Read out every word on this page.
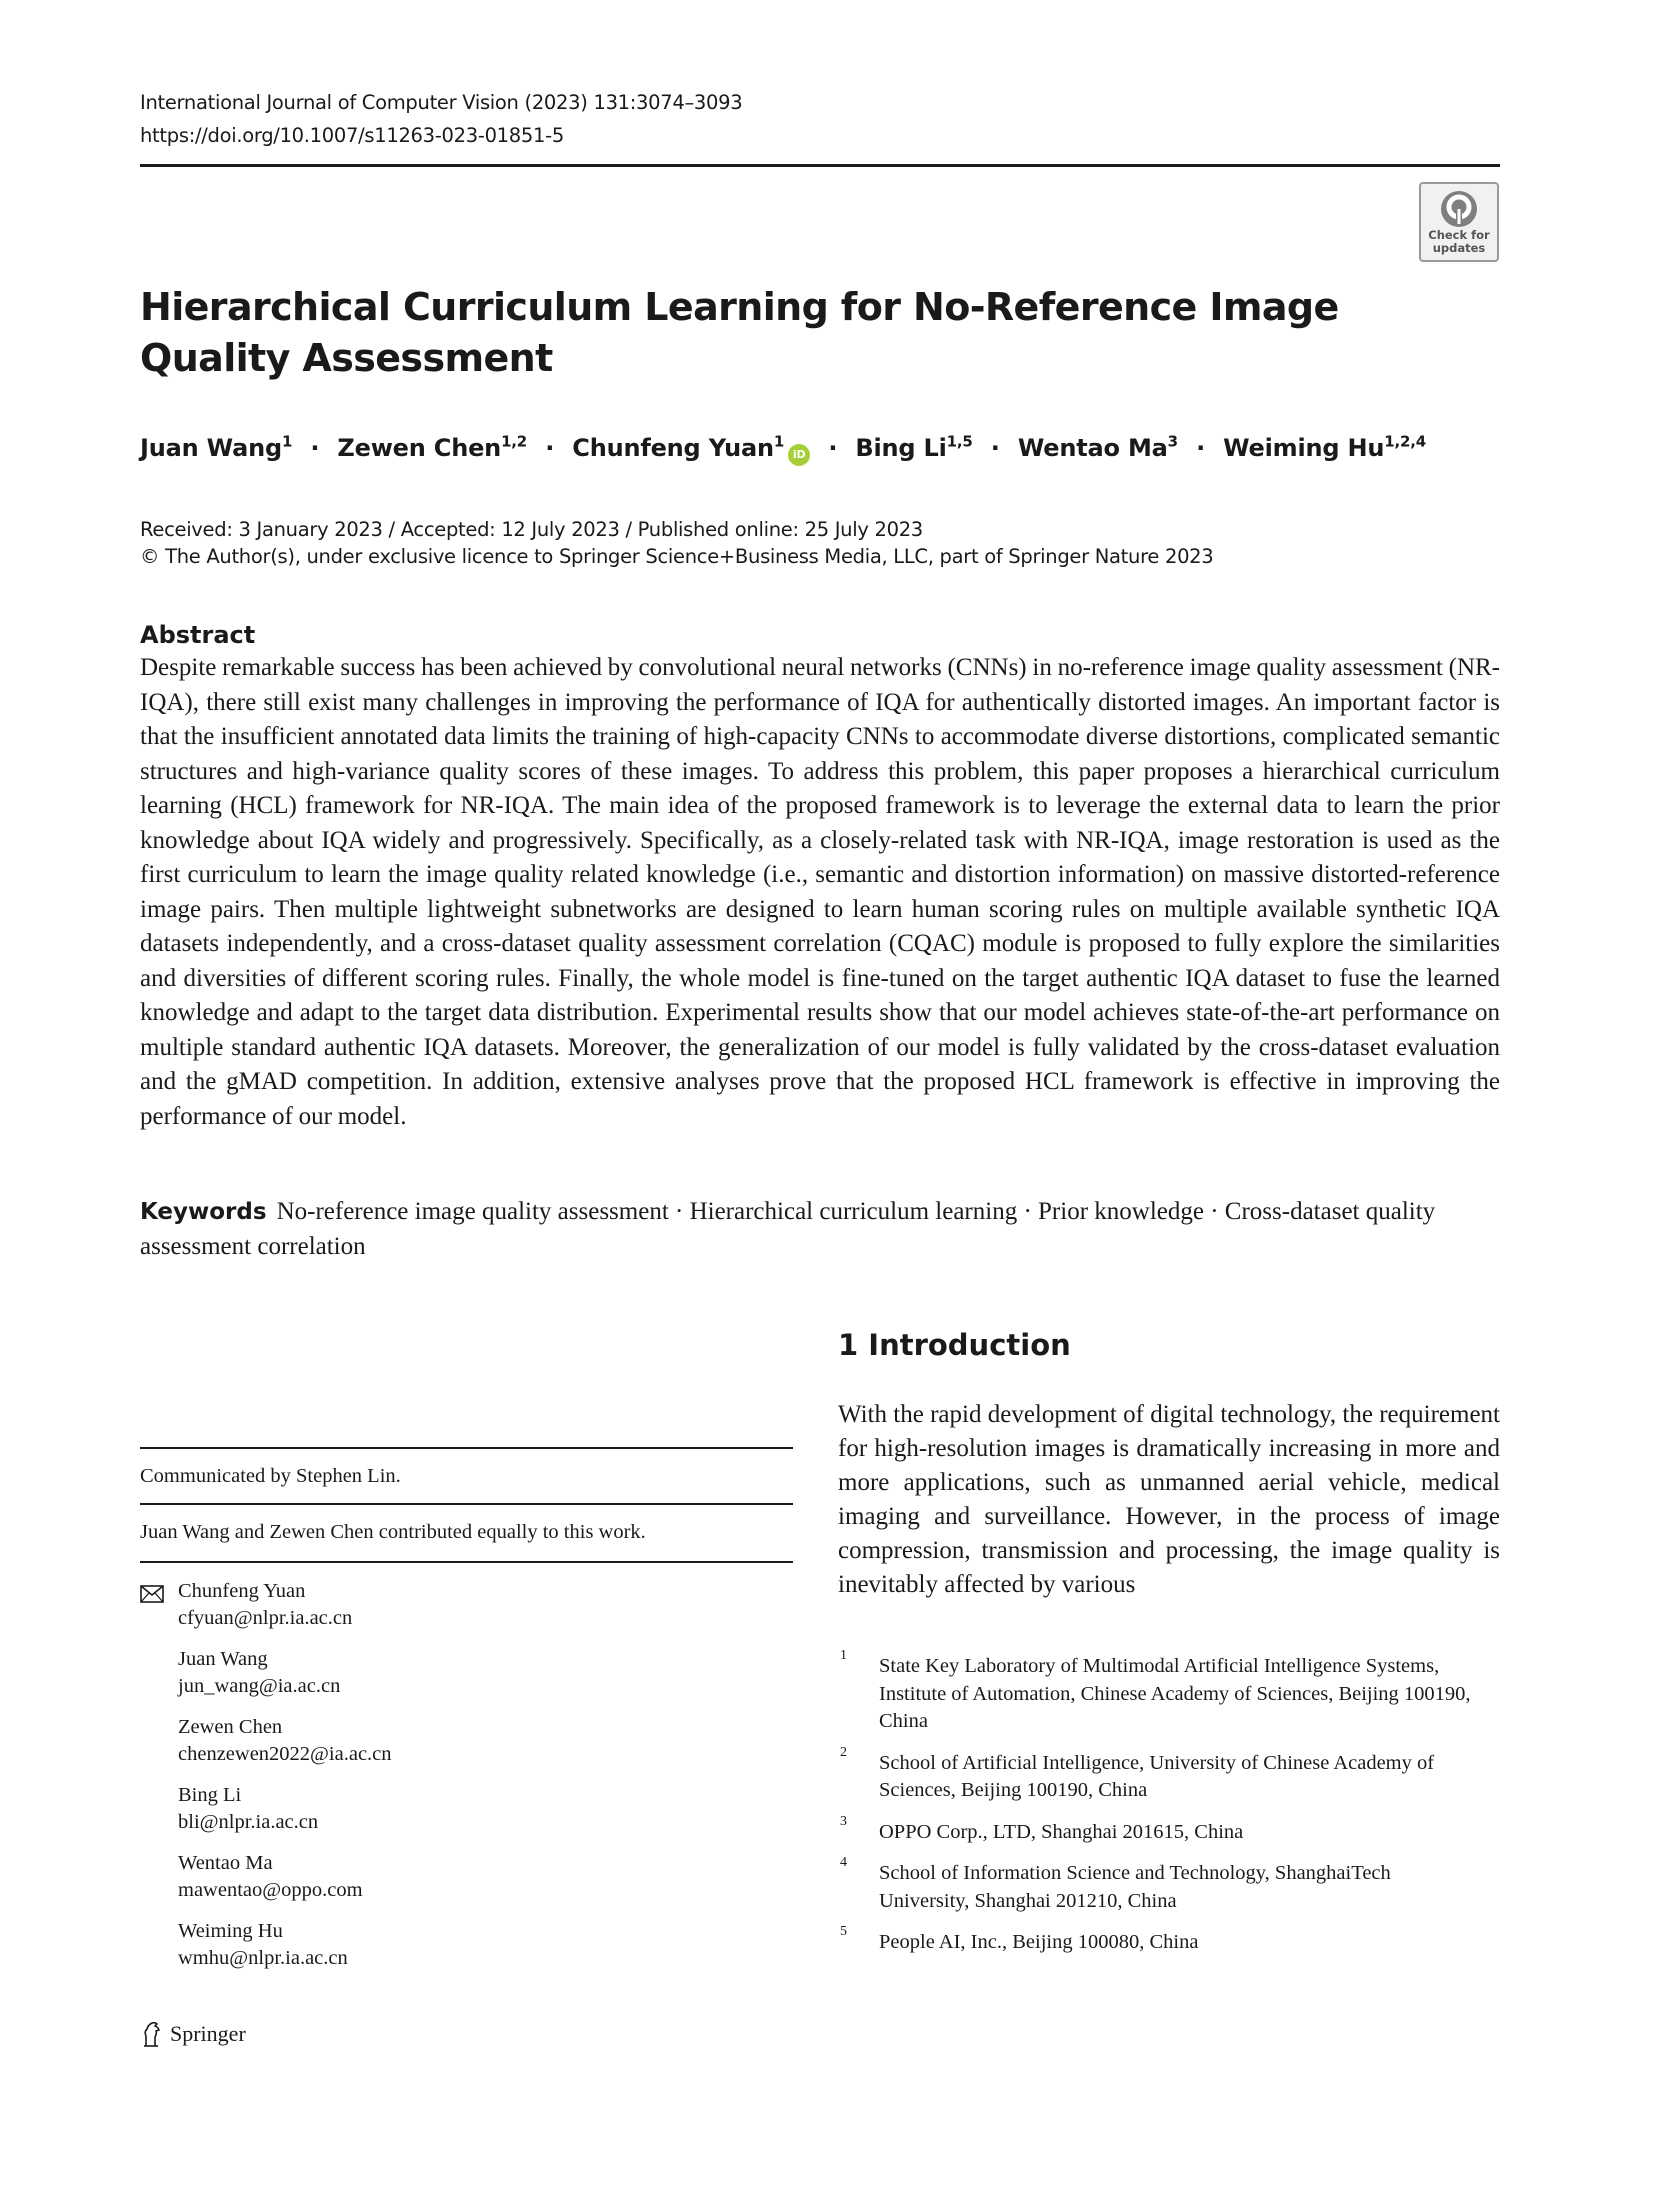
International Journal of Computer Vision (2023) 131:3074–3093
https://doi.org/10.1007/s11263-023-01851-5
Check for
updates
Hierarchical Curriculum Learning for No-Reference Image Quality Assessment
Juan Wang$^1$ · Zewen Chen$^{1,2}$ · Chunfeng Yuan$^1$iD · Bing Li$^{1,5}$ · Wentao $Ma^3 \cdot Weiming$ Hu$^{1,2,4}$
Received: 3 January 2023 / Accepted: 12 July 2023 / Published online: 25 July 2023
© The Author(s), under exclusive licence to Springer Science+Business Media, LLC, part of Springer Nature 2023
Abstract
Despite remarkable success has been achieved by convolutional neural networks (CNNs) in no-reference image quality assessment (NR-IQA), there still exist many challenges in improving the performance of IQA for authentically distorted images. An important factor is that the insufficient annotated data limits the training of high-capacity CNNs to accommodate diverse distortions, complicated semantic structures and high-variance quality scores of these images. To address this problem, this paper proposes a hierarchical curriculum learning (HCL) framework for NR-IQA. The main idea of the proposed framework is to leverage the external data to learn the prior knowledge about IQA widely and progressively. Specifically, as a closely-related task with NR-IQA, image restoration is used as the first curriculum to learn the image quality related knowledge (i.e., semantic and distortion information) on massive distorted-reference image pairs. Then multiple lightweight subnetworks are designed to learn human scoring rules on multiple available synthetic IQA datasets independently, and a cross-dataset quality assessment correlation (CQAC) module is proposed to fully explore the similarities and diversities of different scoring rules. Finally, the whole model is fine-tuned on the target authentic IQA dataset to fuse the learned knowledge and adapt to the target data distribution. Experimental results show that our model achieves state-of-the-art performance on multiple standard authentic IQA datasets. Moreover, the generalization of our model is fully validated by the cross-dataset evaluation and the gMAD competition. In addition, extensive analyses prove that the proposed HCL framework is effective in improving the performance of our model.
Keywords No-reference image quality assessment · Hierarchical curriculum learning · Prior knowledge · Cross-dataset quality assessment correlation
1 Introduction
With the rapid development of digital technology, the requirement for high-resolution images is dramatically increasing in more and more applications, such as unmanned aerial vehicle, medical imaging and surveillance. However, in the process of image compression, transmission and processing, the image quality is inevitably affected by various
Communicated by Stephen Lin.
Juan Wang and Zewen Chen contributed equally to this work.
Chunfeng Yuan
cfyuan@nlpr.ia.ac.cn
Juan Wang
jun_wang@ia.ac.cn
Zewen Chen
chenzewen2022@ia.ac.cn
Bing Li
bli@nlpr.ia.ac.cn
Wentao Ma
mawentao@oppo.com
Weiming Hu
wmhu@nlpr.ia.ac.cn
1 State Key Laboratory of Multimodal Artificial Intelligence Systems, Institute of Automation, Chinese Academy of Sciences, Beijing 100190, China
2 School of Artificial Intelligence, University of Chinese Academy of Sciences, Beijing 100190, China
3 OPPO Corp., LTD, Shanghai 201615, China
4 School of Information Science and Technology, ShanghaiTech University, Shanghai 201210, China
5 People AI, Inc., Beijing 100080, China
Springer
